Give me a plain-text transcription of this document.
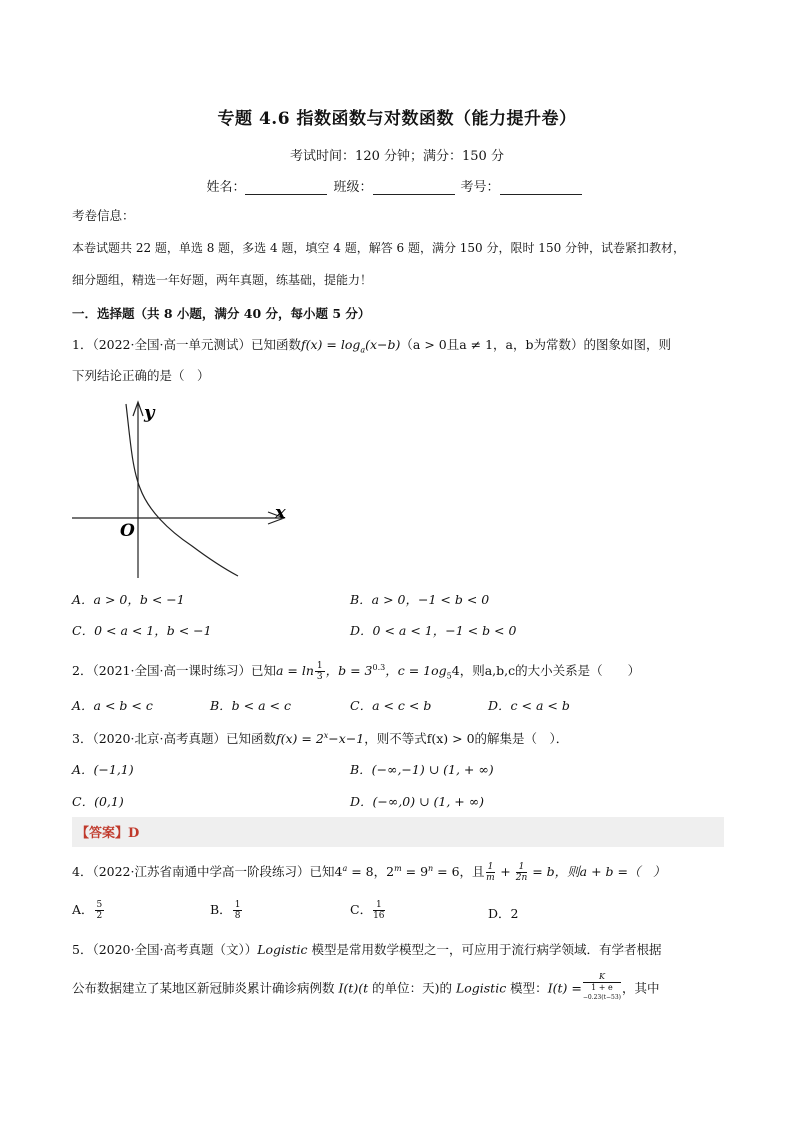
专题 4.6 指数函数与对数函数（能力提升卷）
考试时间：120 分钟；满分：150 分
姓名：	班级：	考号：
考卷信息：
本卷试题共 22 题，单选 8 题，多选 4 题，填空 4 题，解答 6 题，满分 150 分，限时 150 分钟，试卷紧扣教材，
细分题组，精选一年好题，两年真题，练基础，提能力！
一．选择题（共 8 小题，满分 40 分，每小题 5 分）
1．（2022·全国·高一单元测试）已知函数$f(x) = \log_a(x-b)(a > 0$且a ≠ 1，a，b为常数）的图象如图，则
下列结论正确的是（　）
y
x
O
A．a > 0，b < −1	B．a > 0，−1 < b < 0
C．0 < a < 1，b < −1	D．0 < a < 1，−1 < b < 0
2．（2021·全国·高一课时练习）已知$a = \ln \frac{1}{3}$ ，$b = 3^{0.3}$，$c = 1og_54$，则a,b,c的大小关系是（　　）
A．a < b < c	B．b < a < c	C．a < c < b	D．c < a < b
3．（2020·北京·高考真题）已知函数$f(x) = 2^x-x-1$，则不等式f(x) > 0的解集是（　）．
A．(−1,1)	B．(−∞,−1) ∪ (1, + ∞)
C．(0,1)	D．(−∞,0) ∪ (1, + ∞)
【答案】D
4．（2022·江苏省南通中学高一阶段练习）已知$4^a = 8$，$2^m = 9^n = 6$，且 $\frac{1}{m} + \frac{1}{2n} = b$，则a + b =（　）
A． $\frac{5}{2}$	B． $\frac{1}{8}$	C． $\frac{1}{16}$	D．2
5．（2020·全国·高考真题（文））Logistic 模型是常用数学模型之一，可应用于流行病学领域．有学者根据
公布数据建立了某地区新冠肺炎累计确诊病例数 I(t)(t 的单位：天)的 Logistic 模型：I(t) = K
1 + e
$^{-0.23(t-53)}$ ，其中
